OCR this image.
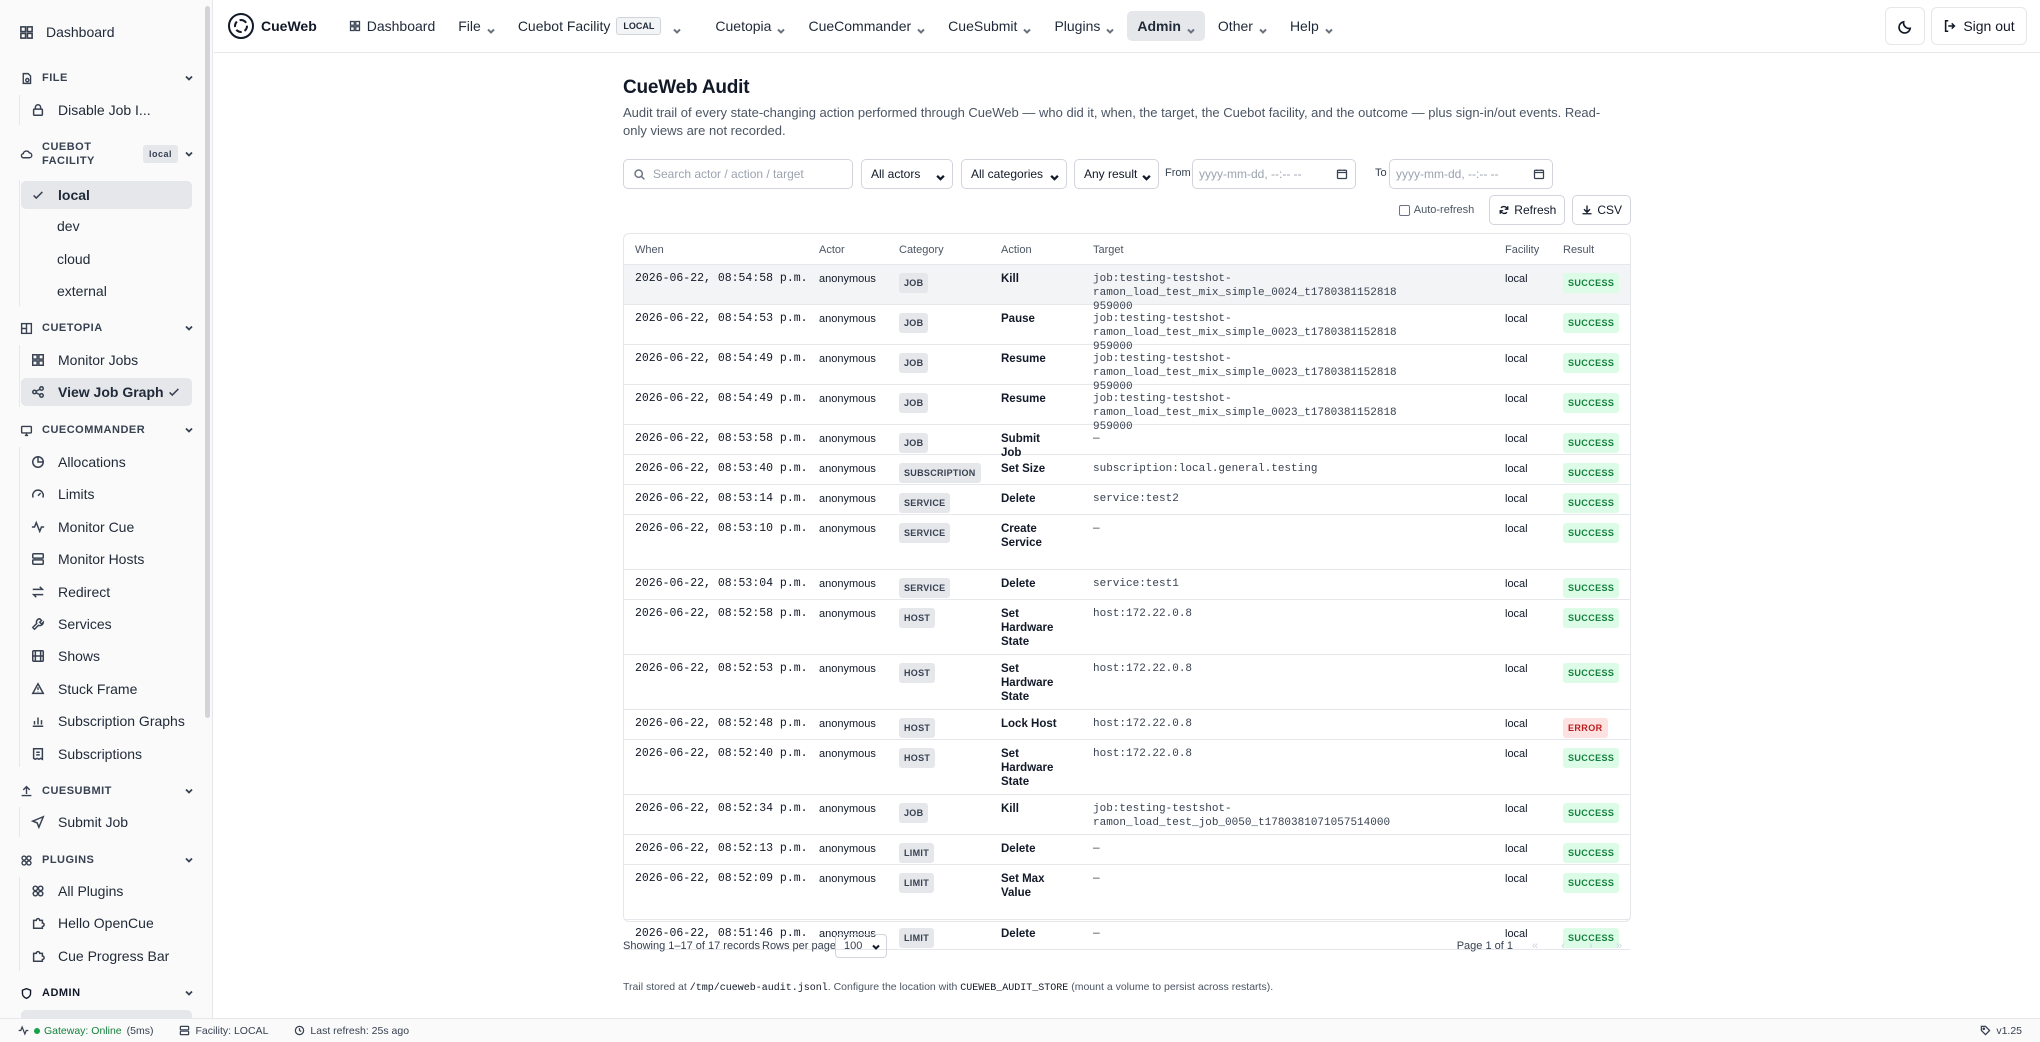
Dashboard
FILE
Disable Job I...
CUEBOT FACILITY
local
local
dev
cloud
external
CUETOPIA
Monitor Jobs
View Job Graph
CUECOMMANDER
Allocations
Limits
Monitor Cue
Monitor Hosts
Redirect
Services
Shows
Stuck Frame
Subscription Graphs
Subscriptions
CUESUBMIT
Submit Job
PLUGINS
All Plugins
Hello OpenCue
Cue Progress Bar
ADMIN
CueWeb	Dashboard File	Cuebot Facility	LOCAL	Cuetopia	CueCommander	CueSubmit	Plugins	Admin	Other	Help	Sign out
CueWeb Audit

Audit trail of every state-changing action performed through CueWeb — who did it, when, the target, the Cuebot facility, and the outcome — plus sign-in/out events. Read-only views are not recorded.

Search actor / action / target	All actors	All categories	Any result	From yyyy-mm-dd, --:-- --	To yyyy-mm-dd, --:-- --
Auto-refresh	Refresh	CSV
When	Actor	Category	Action	Target	Facility Result
2026-06-22, 08:54:58 p.m. anonymous	JOB	Kill	job:testing-testshot-
ramon_load_test_mix_simple_0024_t1780381152818959000
local	SUCCESS
2026-06-22, 08:54:53 p.m. anonymous	JOB	Pause	job:testing-testshot-
ramon_load_test_mix_simple_0023_t1780381152818959000
local	SUCCESS
2026-06-22, 08:54:49 p.m. anonymous	JOB	Resume	job:testing-testshot-
ramon_load_test_mix_simple_0023_t1780381152818959000
local	SUCCESS
2026-06-22, 08:54:49 p.m. anonymous	JOB	Resume	job:testing-testshot-
ramon_load_test_mix_simple_0023_t1780381152818959000
local	SUCCESS
2026-06-22, 08:53:58 p.m. anonymous	JOB	Submit Job
—	local	SUCCESS
2026-06-22, 08:53:40 p.m. anonymous	SUBSCRIPTION	Set Size	subscription:local.general.testing	local	SUCCESS
2026-06-22, 08:53:14 p.m. anonymous	SERVICE	Delete	service:test2	local	SUCCESS
2026-06-22, 08:53:10 p.m. anonymous	SERVICE	Create Service
—	local	SUCCESS
2026-06-22, 08:53:04 p.m. anonymous	SERVICE	Delete	service:test1	local	SUCCESS
2026-06-22, 08:52:58 p.m. anonymous	HOST	Set Hardware State
host:172.22.0.8	local	SUCCESS
2026-06-22, 08:52:53 p.m. anonymous	HOST	Set Hardware State
host:172.22.0.8	local	SUCCESS
2026-06-22, 08:52:48 p.m. anonymous	HOST	Lock Host	host:172.22.0.8	local	ERROR
2026-06-22, 08:52:40 p.m. anonymous	HOST	Set Hardware State
host:172.22.0.8	local	SUCCESS
2026-06-22, 08:52:34 p.m. anonymous	JOB	Kill	job:testing-testshot-
ramon_load_test_job_0050_t1780381071057514000
local	SUCCESS
2026-06-22, 08:52:13 p.m. anonymous	LIMIT	Delete	—	local	SUCCESS
2026-06-22, 08:52:09 p.m. anonymous	LIMIT	Set Max Value
—	local	SUCCESS
2026-06-22, 08:51:46 p.m. anonymous	LIMIT	Delete	—	local	SUCCESS
Showing 1–17 of 17 records Rows per page 100	Page 1 of 1	«	‹	›	»
Trail stored at /tmp/cueweb-audit.jsonl. Configure the location with CUEWEB_AUDIT_STORE (mount a volume to persist across restarts).
Gateway: Online (5ms)	Facility: LOCAL	Last refresh: 25s ago	v1.25
